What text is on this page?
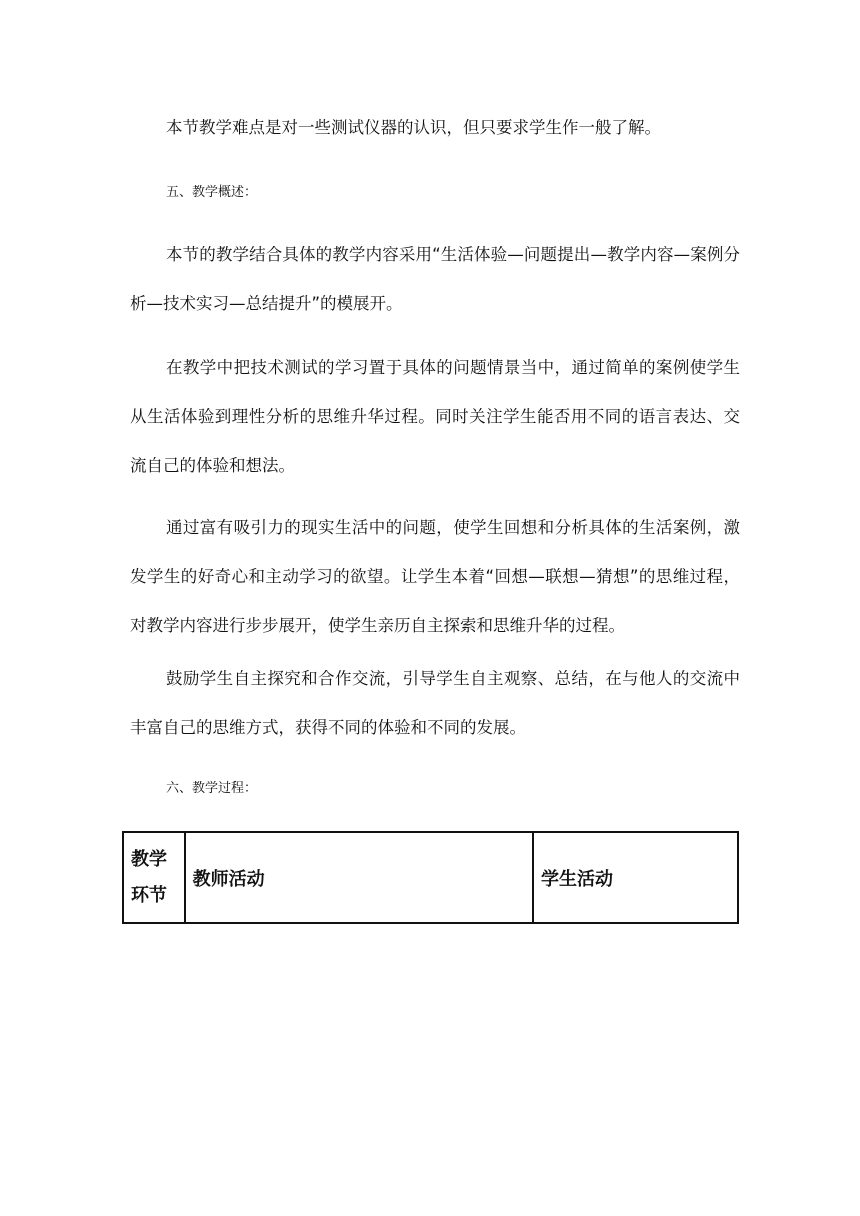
本节教学难点是对一些测试仪器的认识，但只要求学生作一般了解。

五、教学概述：

本节的教学结合具体的教学内容采用“生活体验—问题提出—教学内容—案例分析—技术实习—总结提升”的模展开。

在教学中把技术测试的学习置于具体的问题情景当中，通过简单的案例使学生从生活体验到理性分析的思维升华过程。同时关注学生能否用不同的语言表达、交流自己的体验和想法。

通过富有吸引力的现实生活中的问题，使学生回想和分析具体的生活案例，激发学生的好奇心和主动学习的欲望。让学生本着“回想—联想—猜想”的思维过程，对教学内容进行步步展开，使学生亲历自主探索和思维升华的过程。

鼓励学生自主探究和合作交流，引导学生自主观察、总结，在与他人的交流中丰富自己的思维方式，获得不同的体验和不同的发展。

六、教学过程：

教学环节	教师活动	学生活动
